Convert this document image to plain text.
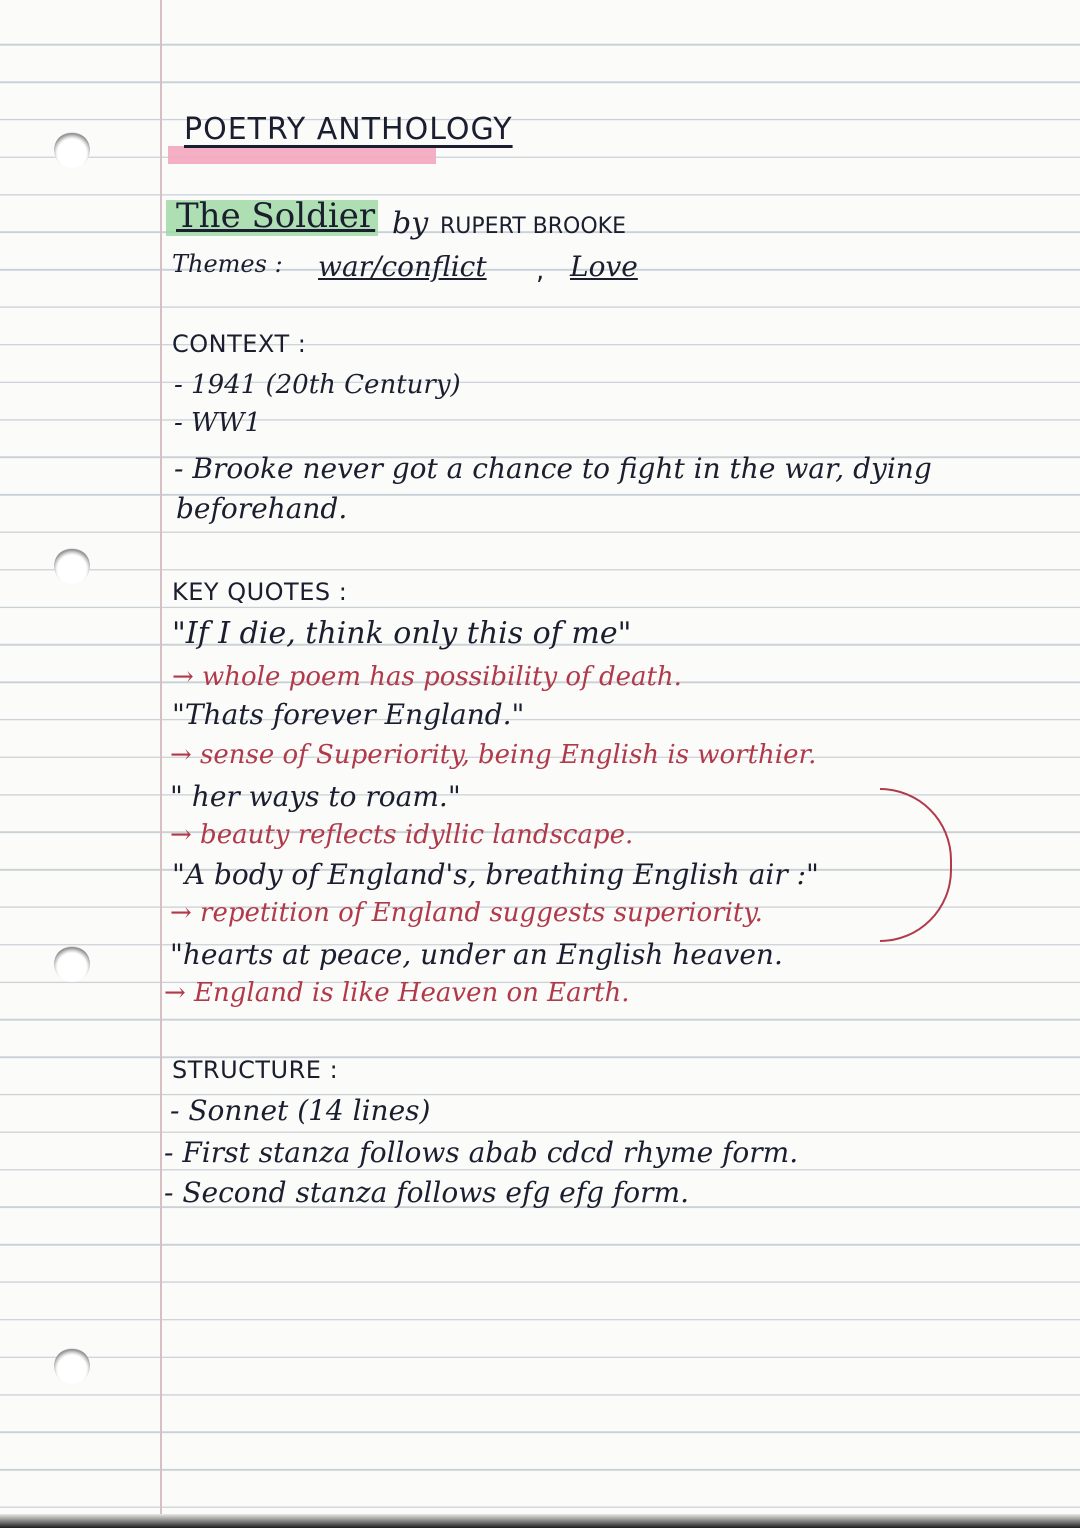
POETRY ANTHOLOGY
The Soldier by RUPERT BROOKE
Themes : war/conflict , Love
CONTEXT :
- 1941 (20th Century)
- WW1
- Brooke never got a chance to fight in the war, dying
beforehand.
KEY QUOTES :
"If I die, think only this of me"
→ whole poem has possibility of death.
"Thats forever England."
→ sense of Superiority, being English is worthier.
" her ways to roam."
→ beauty reflects idyllic landscape.
"A body of England's, breathing English air :"
→ repetition of England suggests superiority.
"hearts at peace, under an English heaven.
→ England is like Heaven on Earth.
STRUCTURE :
- Sonnet (14 lines)
- First stanza follows abab cdcd rhyme form.
- Second stanza follows efg efg form.
